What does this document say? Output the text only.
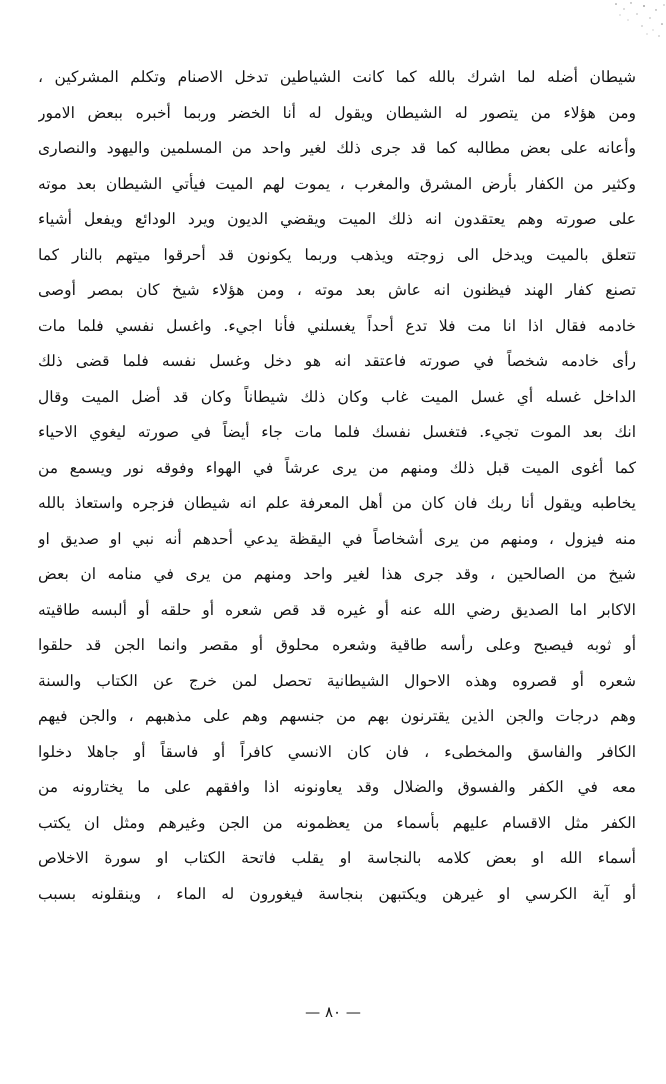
شيطان أضله لما اشرك بالله كما كانت الشياطين تدخل الاصنام وتكلم المشركين ،
ومن هؤلاء من يتصور له الشيطان ويقول له أنا الخضر وربما أخبره ببعض الامور
وأعانه على بعض مطالبه كما قد جرى ذلك لغير واحد من المسلمين واليهود والنصارى
وكثير من الكفار بأرض المشرق والمغرب ، يموت لهم الميت فيأتي الشيطان بعد موته
على صورته وهم يعتقدون انه ذلك الميت ويقضي الديون ويرد الودائع ويفعل أشياء
تتعلق بالميت ويدخل الى زوجته ويذهب وربما يكونون قد أحرقوا ميتهم بالنار كما
تصنع كفار الهند فيظنون انه عاش بعد موته ، ومن هؤلاء شيخ كان بمصر أوصى
خادمه فقال اذا انا مت فلا تدع أحداً يغسلني فأنا اجيء. واغسل نفسي فلما مات
رأى خادمه شخصاً في صورته فاعتقد انه هو دخل وغسل نفسه فلما قضى ذلك
الداخل غسله أي غسل الميت غاب وكان ذلك شيطاناً وكان قد أضل الميت وقال
انك بعد الموت تجيء. فتغسل نفسك فلما مات جاء أيضاً في صورته ليغوي الاحياء
كما أغوى الميت قبل ذلك ومنهم من يرى عرشاً في الهواء وفوقه نور ويسمع من
يخاطبه ويقول أنا ربك فان كان من أهل المعرفة علم انه شيطان فزجره واستعاذ بالله
منه فيزول ، ومنهم من يرى أشخاصاً في اليقظة يدعي أحدهم أنه نبي او صديق او
شيخ من الصالحين ، وقد جرى هذا لغير واحد ومنهم من يرى في منامه ان بعض
الاكابر اما الصديق رضي الله عنه أو غيره قد قص شعره أو حلقه أو ألبسه طاقيته
أو ثوبه فيصبح وعلى رأسه طاقية وشعره محلوق أو مقصر وانما الجن قد حلقوا
شعره أو قصروه وهذه الاحوال الشيطانية تحصل لمن خرج عن الكتاب والسنة
وهم درجات والجن الذين يقترنون بهم من جنسهم وهم على مذهبهم ، والجن فيهم
الكافر والفاسق والمخطىء ، فان كان الانسي كافراً أو فاسقاً أو جاهلا دخلوا
معه في الكفر والفسوق والضلال وقد يعاونونه اذا وافقهم على ما يختارونه من
الكفر مثل الاقسام عليهم بأسماء من يعظمونه من الجن وغيرهم ومثل ان يكتب
أسماء الله او بعض كلامه بالنجاسة او يقلب فاتحة الكتاب او سورة الاخلاص
أو آية الكرسي او غيرهن ويكتبهن بنجاسة فيغورون له الماء ، وينقلونه بسبب
— ٨٠ —
